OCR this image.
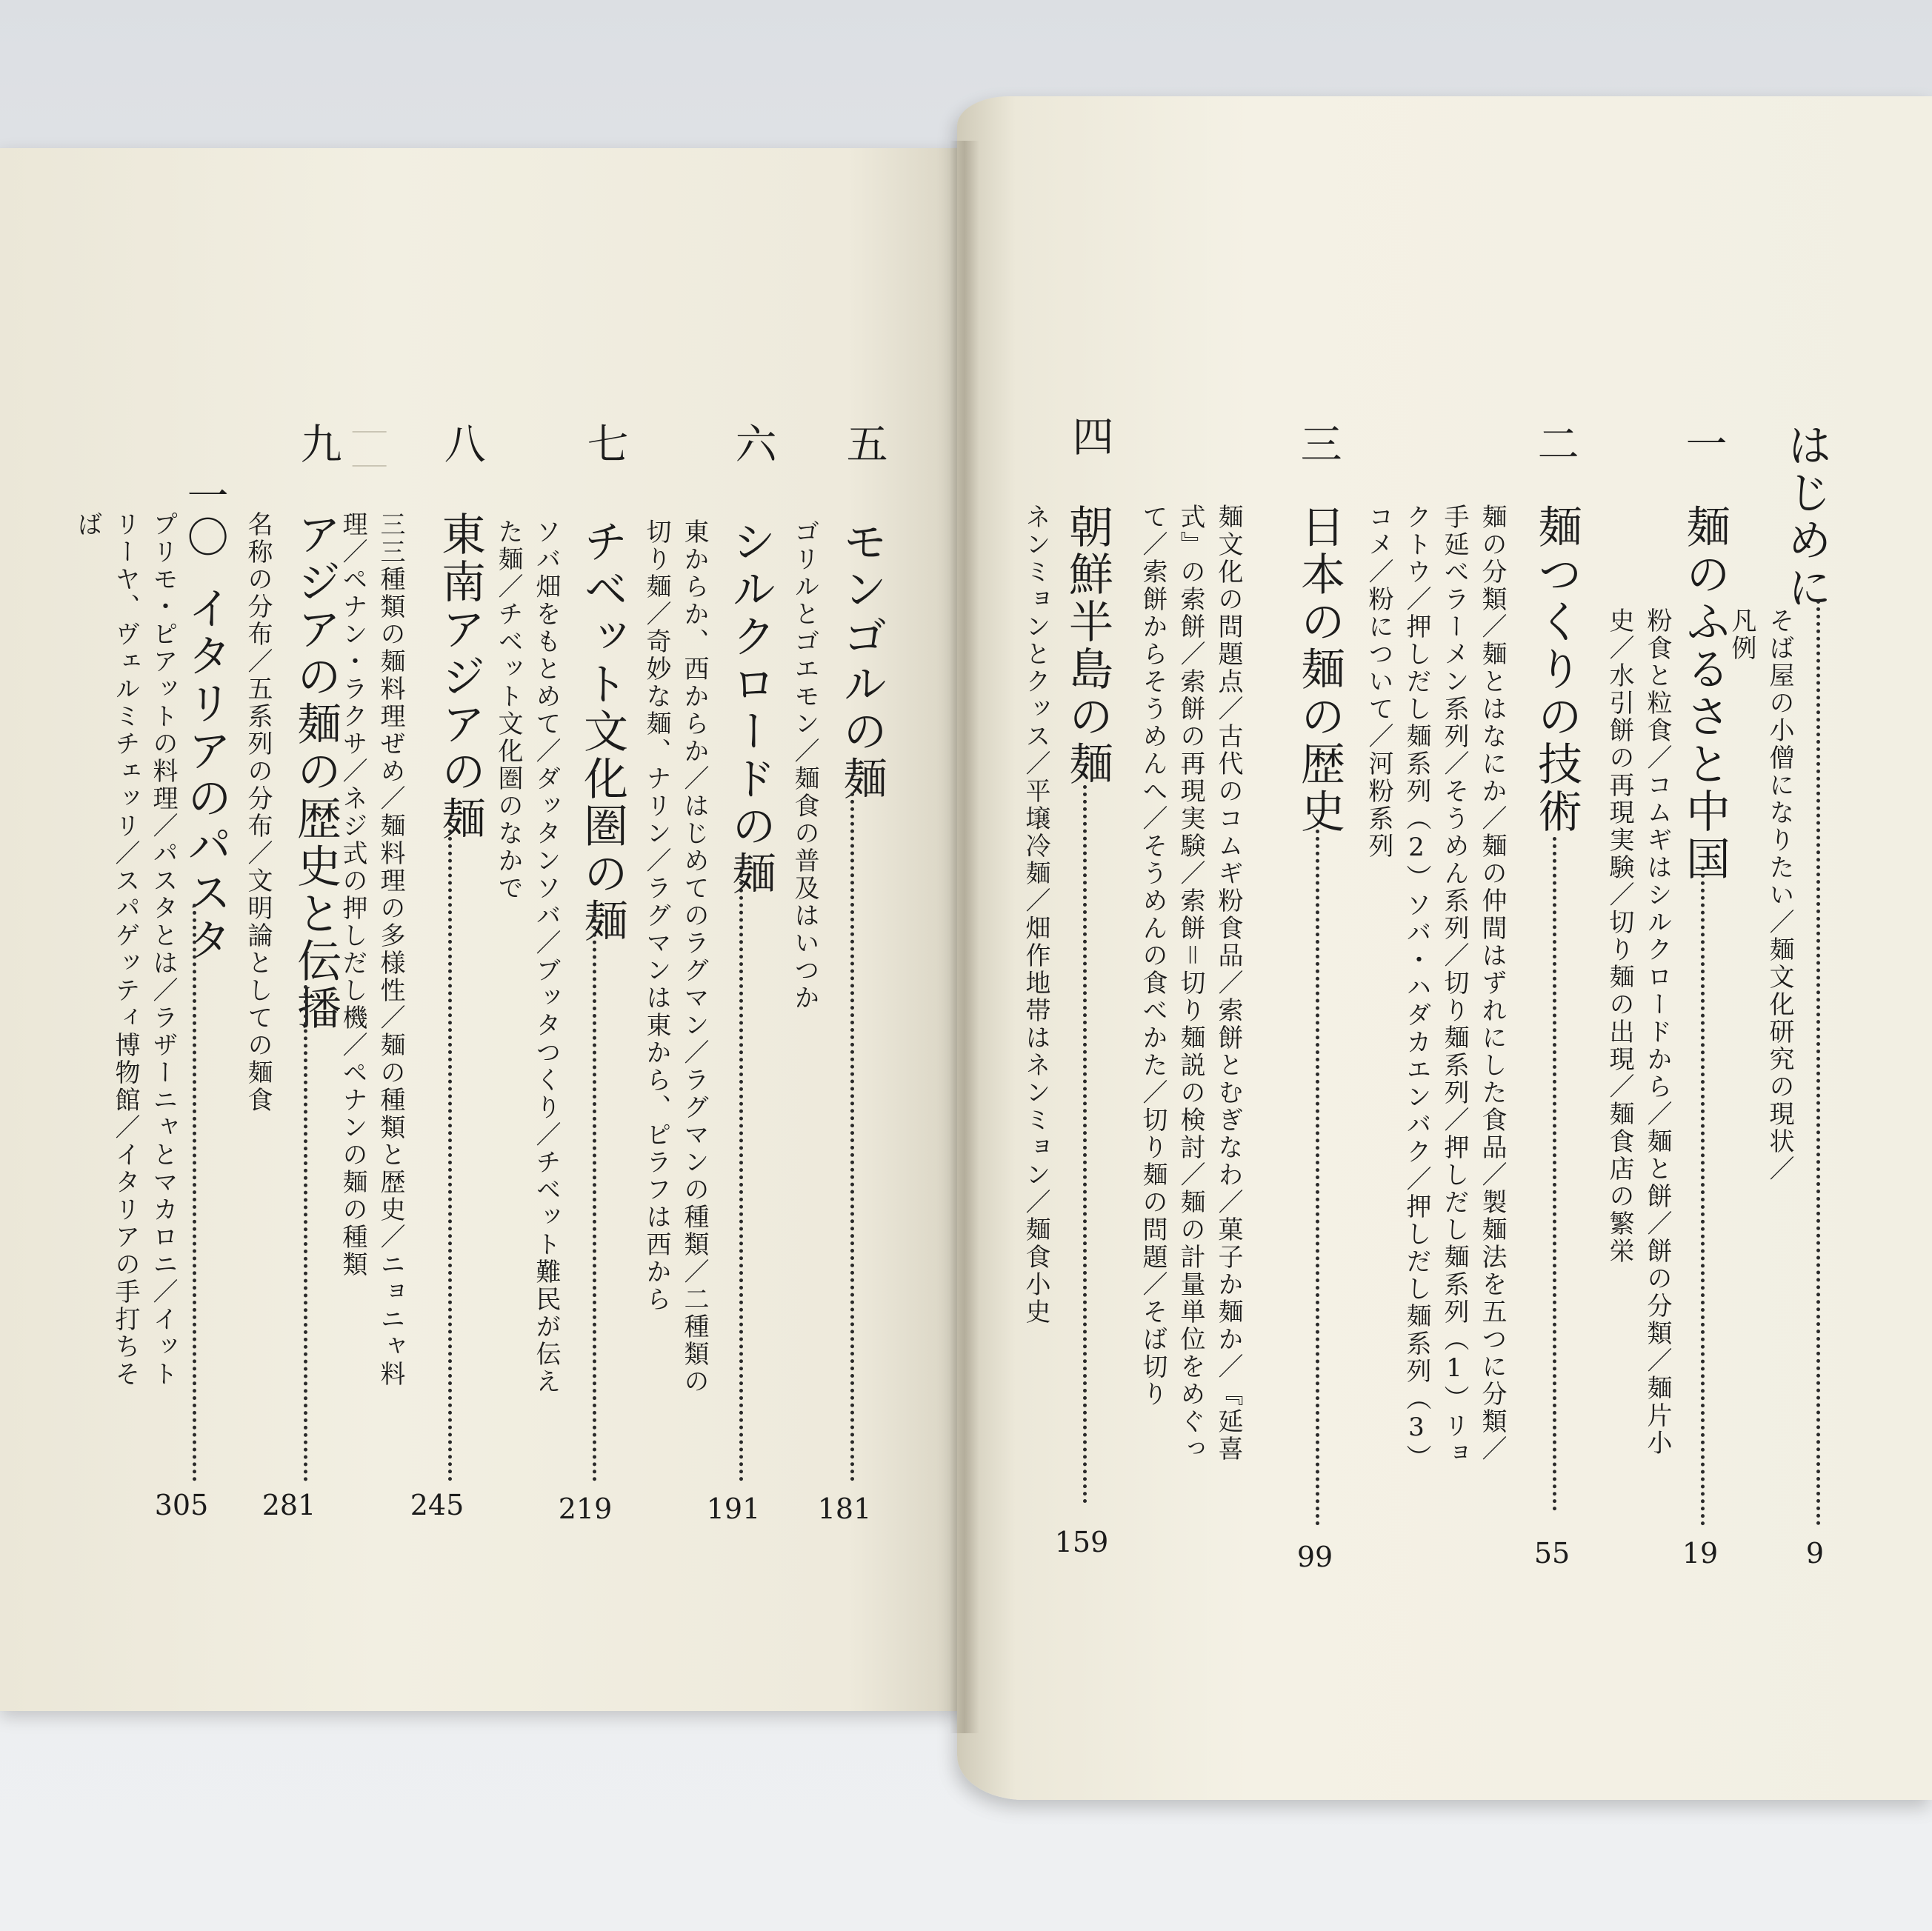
｜｜	はじめに
そば屋の小僧になりたい／麺文化研究の現状／凡例
9
一
麺のふるさと中国
粉食と粒食／コムギはシルクロードから／麺と餅／餅の分類／麺片小史／水引餅の再現実験／切り麺の出現／麺食店の繁栄
19
二
麺つくりの技術
麺の分類／麺とはなにか／麺の仲間はずれにした食品／製麺法を五つに分類／手延べラーメン系列／そうめん系列／切り麺系列／押しだし麺系列（1）リョクトウ／押しだし麺系列（2）ソバ・ハダカエンバク／押しだし麺系列（3）コメ／粉について／河粉系列
55
三
日本の麺の歴史
麺文化の問題点／古代のコムギ粉食品／索餅とむぎなわ／菓子か麺か／『延喜式』の索餅／索餅の再現実験／索餅＝切り麺説の検討／麺の計量単位をめぐって／索餅からそうめんへ／そうめんの食べかた／切り麺の問題／そば切り
99
四
朝鮮半島の麺
ネンミョンとクッス／平壌冷麺／畑作地帯はネンミョン／麺食小史
159
五
モンゴルの麺
ゴリルとゴエモン／麺食の普及はいつか
181
六
シルクロードの麺
東からか、西からか／はじめてのラグマン／ラグマンの種類／二種類の切り麺／奇妙な麺、ナリン／ラグマンは東から、ピラフは西から
191
七
チベット文化圏の麺
ソバ畑をもとめて／ダッタンソバ／ブッタつくり／チベット難民が伝えた麺／チベット文化圏のなかで
219
八
東南アジアの麺
三三種類の麺料理ぜめ／麺料理の多様性／麺の種類と歴史／ニョニャ料理／ペナン・ラクサ／ネジ式の押しだし機／ペナンの麺の種類
245
九
アジアの麺の歴史と伝播
名称の分布／五系列の分布／文明論としての麺食
281
一〇
イタリアのパスタ
プリモ・ピアットの料理／パスタとは／ラザーニャとマカロニ／イットリーヤ、ヴェルミチェッリ／スパゲッティ博物館／イタリアの手打ちそば
305
